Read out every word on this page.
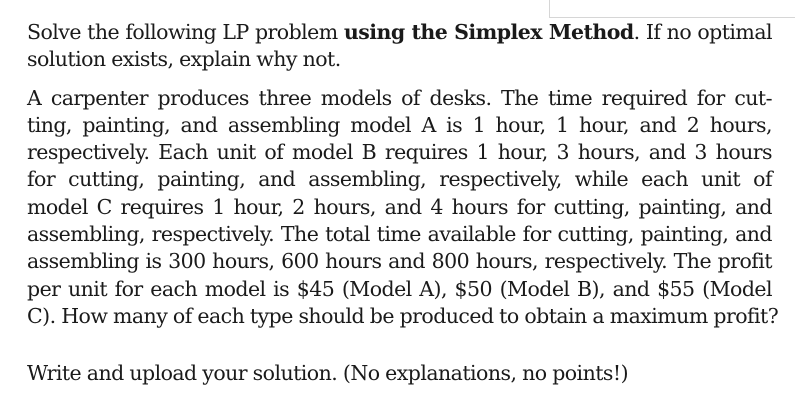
Solve the following LP problem using the Simplex Method. If no optimal
solution exists, explain why not.

A carpenter produces three models of desks. The time required for cut-
ting, painting, and assembling model A is 1 hour, 1 hour, and 2 hours,
respectively. Each unit of model B requires 1 hour, 3 hours, and 3 hours
for cutting, painting, and assembling, respectively, while each unit of
model C requires 1 hour, 2 hours, and 4 hours for cutting, painting, and
assembling, respectively. The total time available for cutting, painting, and
assembling is 300 hours, 600 hours and 800 hours, respectively. The profit
per unit for each model is $45 (Model A), $50 (Model B), and $55 (Model
C). How many of each type should be produced to obtain a maximum profit?

Write and upload your solution. (No explanations, no points!)
